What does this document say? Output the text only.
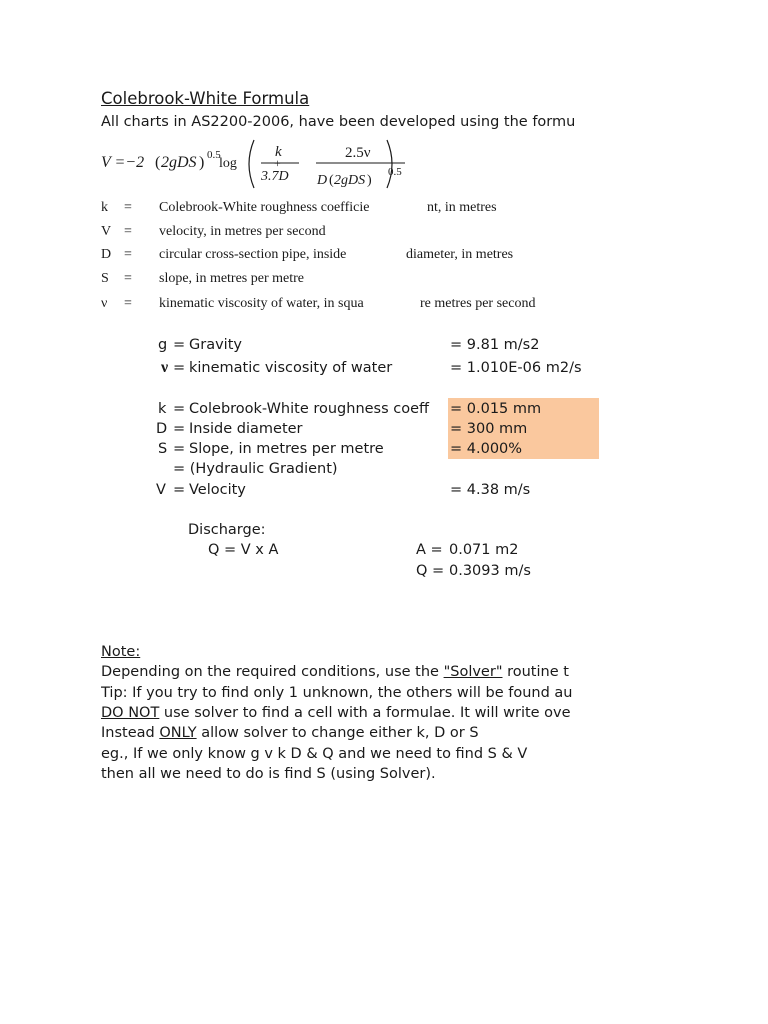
Colebrook-White Formula
All charts in AS2200-2006, have been developed using the formu
V =−2 ( 2gDS ) 0.5
log
k
+
3.7D
2.5ν
D ( 2gDS )
0.5
k = Colebrook-White roughness coefficie	nt, in metres
V = velocity, in metres per second
D = circular cross-section pipe, inside	diameter, in metres
S = slope, in metres per metre
ν = kinematic viscosity of water, in squa	re metres per second
g = Gravity	= 9.81 m/s2
ν = kinematic viscosity of water	= 1.010E-06 m2/s
k = Colebrook-White roughness coeff	= 0.015 mm
D = Inside diameter	= 300 mm
S = Slope, in metres per metre	= 4.000%
= (Hydraulic Gradient)
V = Velocity	= 4.38 m/s
Discharge:
Q = V x A	A = 0.071 m2
Q = 0.3093 m/s
Note:
Depending on the required conditions, use the "Solver" routine t
Tip: If you try to find only 1 unknown, the others will be found au
DO NOT use solver to find a cell with a formulae. It will write ove
Instead ONLY allow solver to change either k, D or S
eg., If we only know g v k D & Q and we need to find S & V
then all we need to do is find S (using Solver).
